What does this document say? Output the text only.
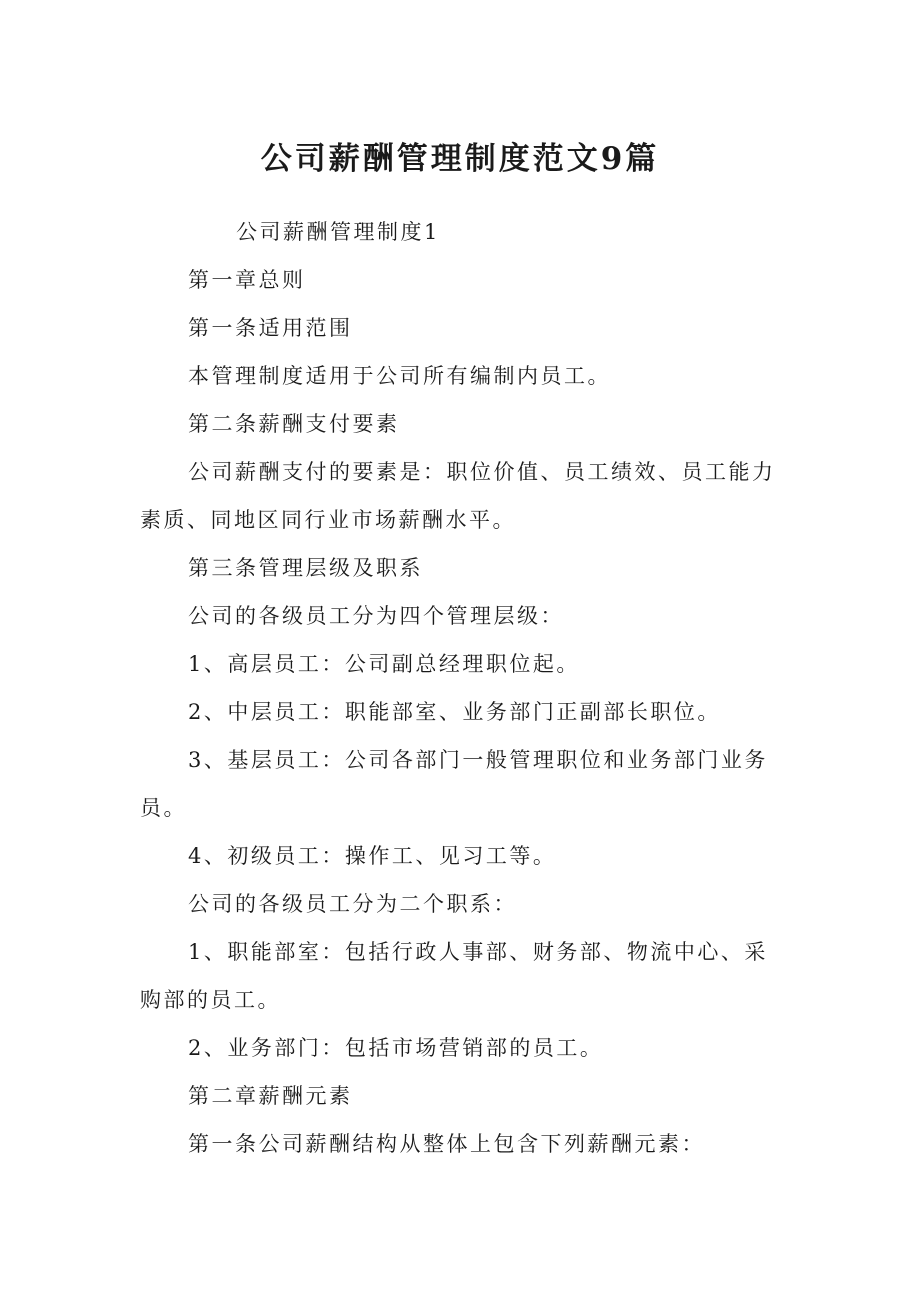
公司薪酬管理制度范文9篇

公司薪酬管理制度1

第一章总则

第一条适用范围

本管理制度适用于公司所有编制内员工。

第二条薪酬支付要素

公司薪酬支付的要素是：职位价值、员工绩效、员工能力素质、同地区同行业市场薪酬水平。

第三条管理层级及职系

公司的各级员工分为四个管理层级：

1、高层员工：公司副总经理职位起。

2、中层员工：职能部室、业务部门正副部长职位。

3、基层员工：公司各部门一般管理职位和业务部门业务员。

4、初级员工：操作工、见习工等。

公司的各级员工分为二个职系：

1、职能部室：包括行政人事部、财务部、物流中心、采购部的员工。

2、业务部门：包括市场营销部的员工。

第二章薪酬元素

第一条公司薪酬结构从整体上包含下列薪酬元素：
